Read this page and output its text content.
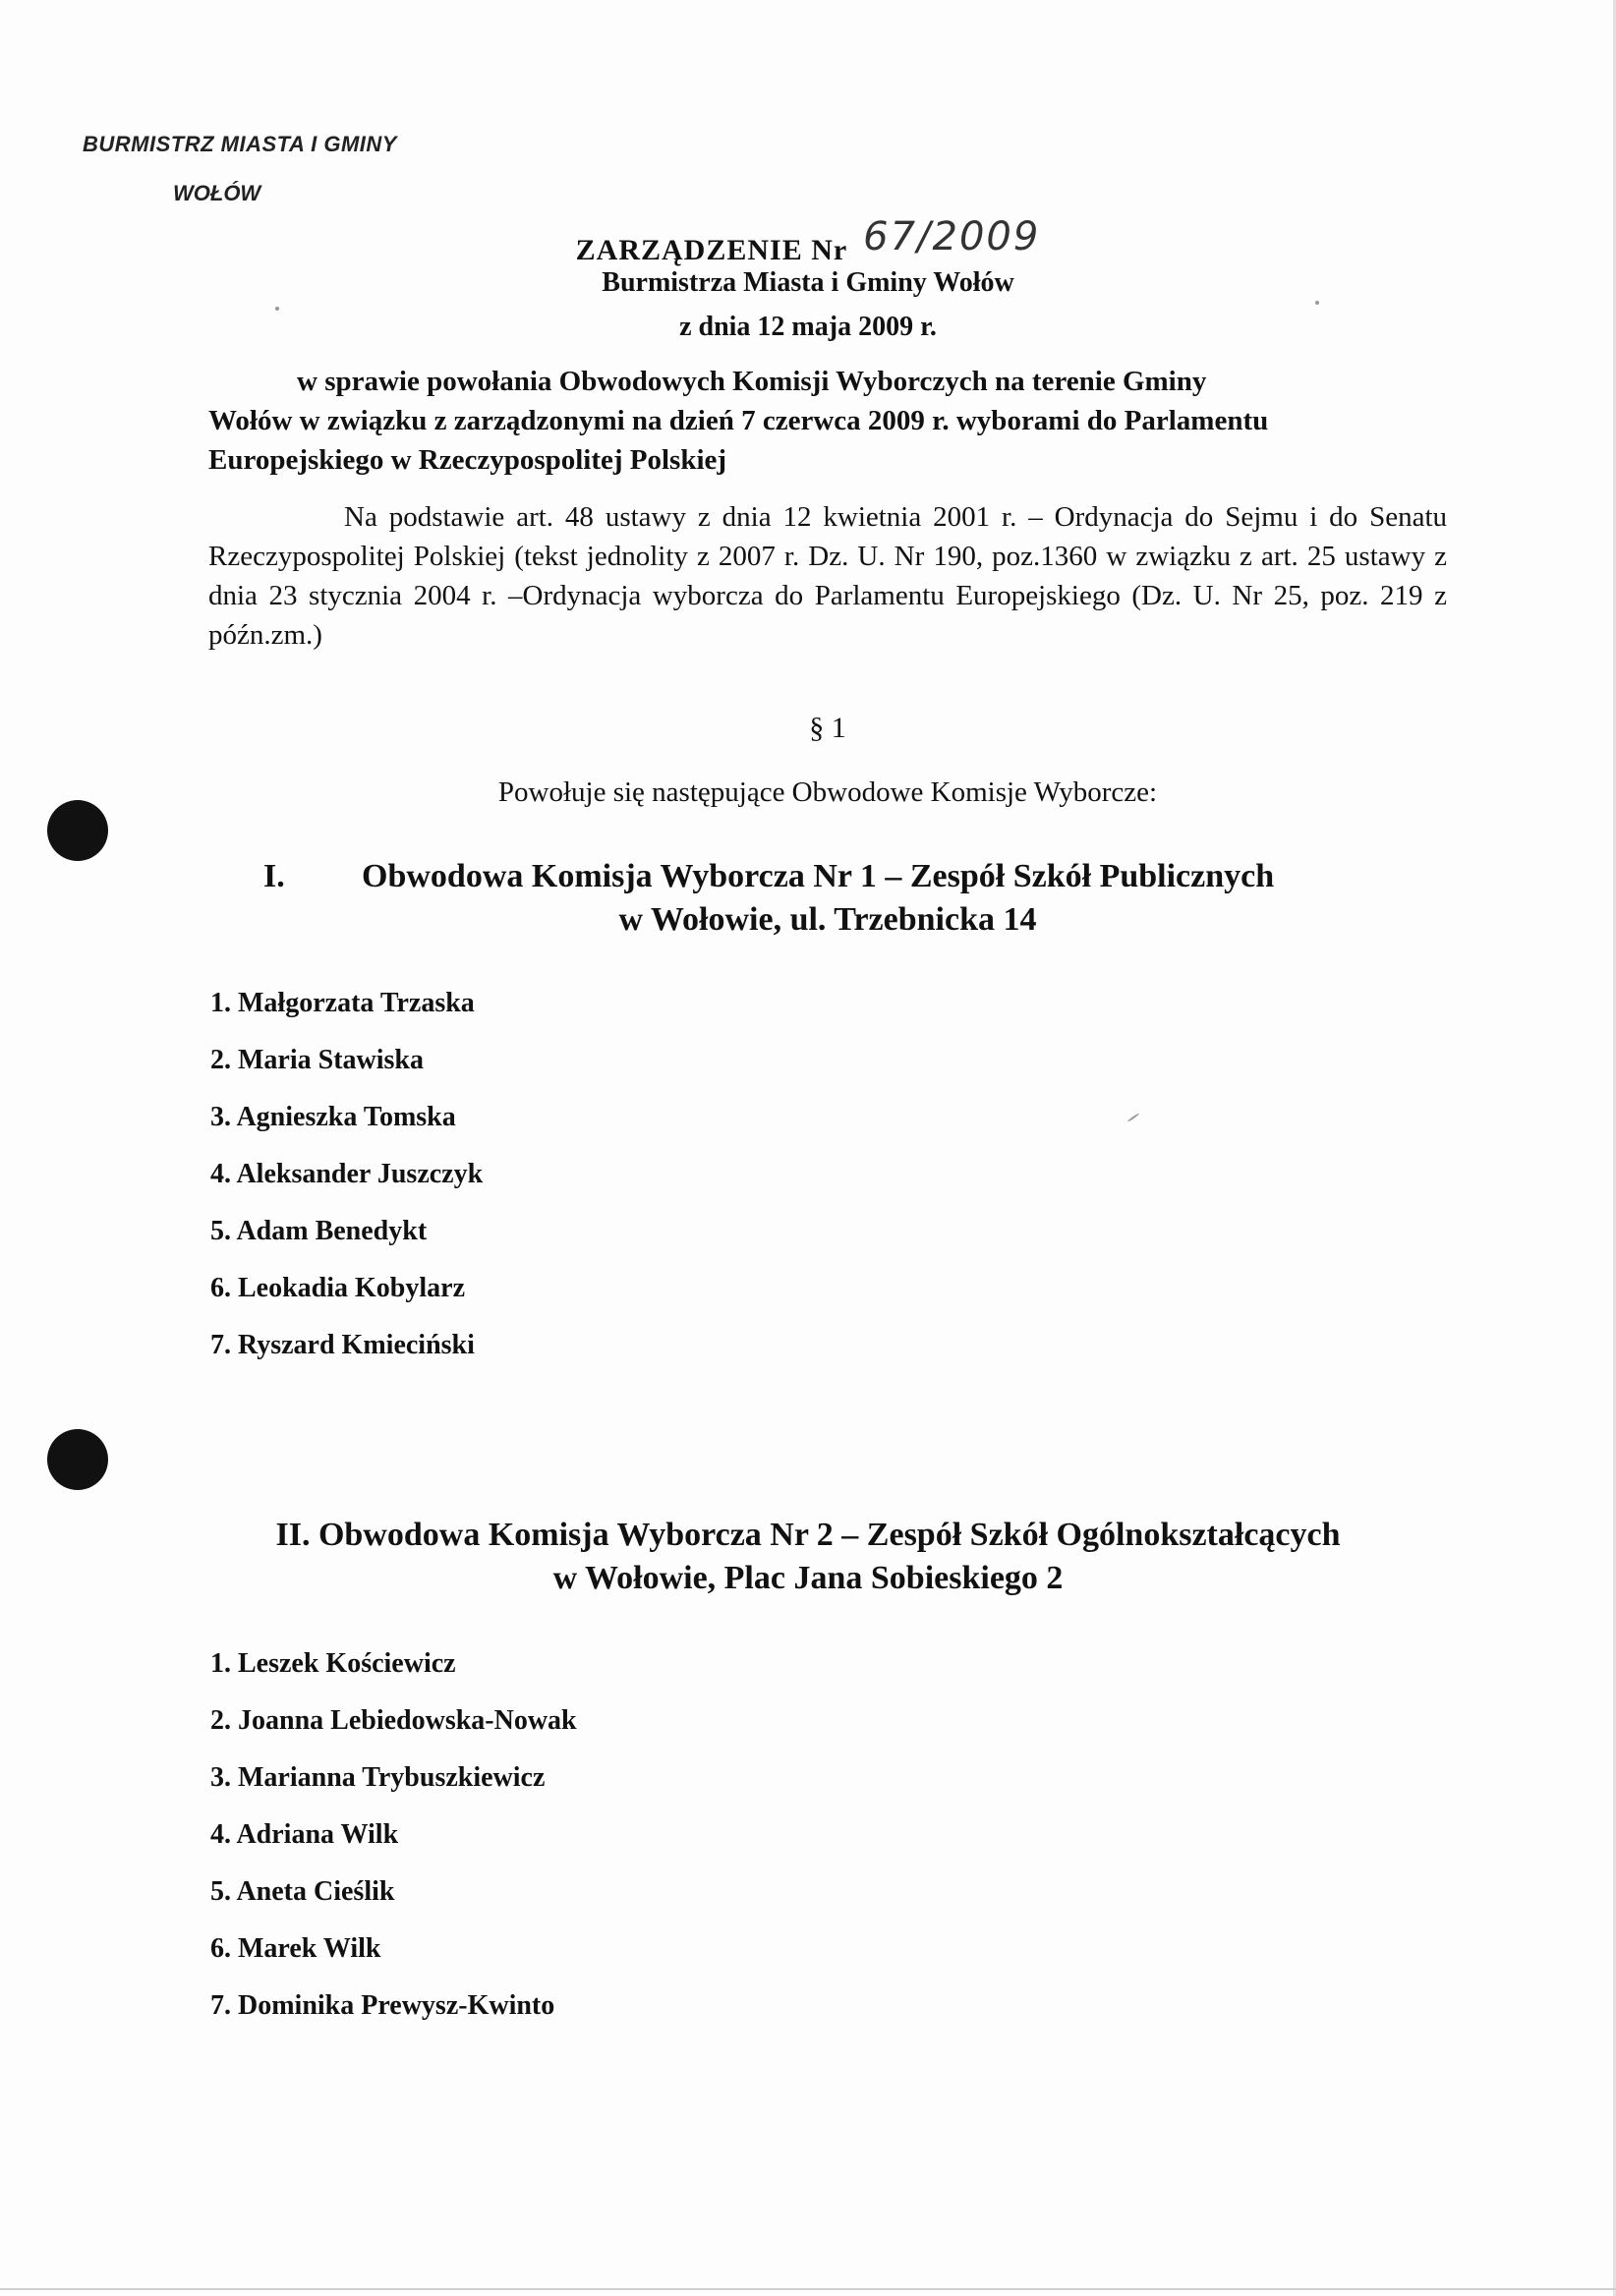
BURMISTRZ MIASTA I GMINY
WOŁÓW
ZARZĄDZENIE Nr 67/2009
Burmistrza Miasta i Gminy Wołów
z dnia 12 maja 2009 r.
w sprawie powołania Obwodowych Komisji Wyborczych na terenie Gminy
Wołów w związku z zarządzonymi na dzień 7 czerwca 2009 r. wyborami do Parlamentu
Europejskiego w Rzeczypospolitej Polskiej
Na podstawie art. 48 ustawy z dnia 12 kwietnia 2001 r. – Ordynacja do Sejmu i do Senatu Rzeczypospolitej Polskiej (tekst jednolity z 2007 r. Dz. U. Nr 190, poz.1360 w związku z art. 25 ustawy z dnia 23 stycznia 2004 r. –Ordynacja wyborcza do Parlamentu Europejskiego (Dz. U. Nr 25, poz. 219 z późn.zm.)
§ 1
Powołuje się następujące Obwodowe Komisje Wyborcze:
I. Obwodowa Komisja Wyborcza Nr 1 – Zespół Szkół Publicznych
w Wołowie, ul. Trzebnicka 14
1. Małgorzata Trzaska
2. Maria Stawiska
3. Agnieszka Tomska
4. Aleksander Juszczyk
5. Adam Benedykt
6. Leokadia Kobylarz
7. Ryszard Kmieciński
II. Obwodowa Komisja Wyborcza Nr 2 – Zespół Szkół Ogólnokształcących
w Wołowie, Plac Jana Sobieskiego 2
1. Leszek Kościewicz
2. Joanna Lebiedowska-Nowak
3. Marianna Trybuszkiewicz
4. Adriana Wilk
5. Aneta Cieślik
6. Marek Wilk
7. Dominika Prewysz-Kwinto
